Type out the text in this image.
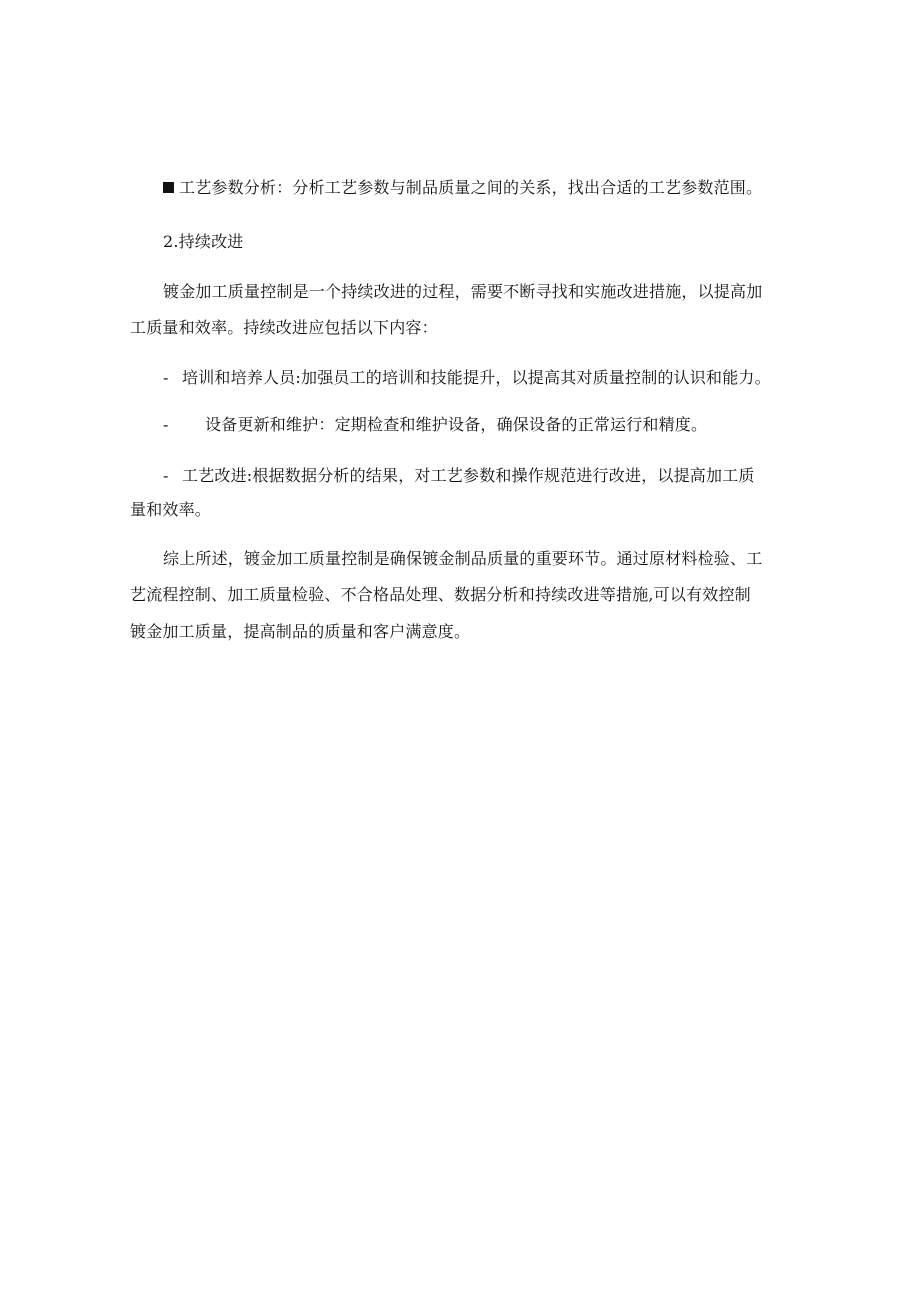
工艺参数分析：分析工艺参数与制品质量之间的关系，找出合适的工艺参数范围。
2.持续改进
镀金加工质量控制是一个持续改进的过程，需要不断寻找和实施改进措施，以提高加
工质量和效率。持续改进应包括以下内容：
- 培训和培养人员:加强员工的培训和技能提升，以提高其对质量控制的认识和能力。
- 设备更新和维护：定期检查和维护设备，确保设备的正常运行和精度。
- 工艺改进:根据数据分析的结果，对工艺参数和操作规范进行改进，以提高加工质
量和效率。
综上所述，镀金加工质量控制是确保镀金制品质量的重要环节。通过原材料检验、工
艺流程控制、加工质量检验、不合格品处理、数据分析和持续改进等措施,可以有效控制
镀金加工质量，提高制品的质量和客户满意度。
